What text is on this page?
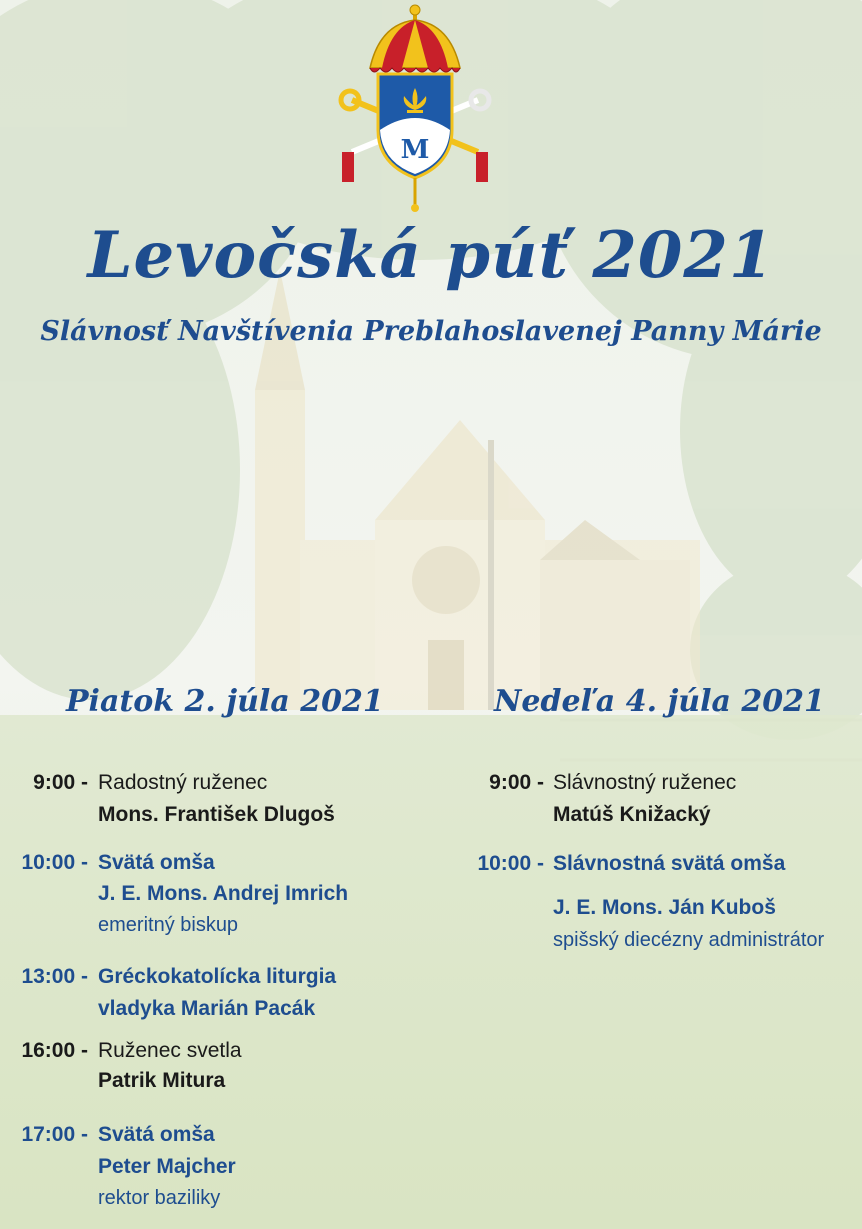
M
Levočská púť 2021
Slávnosť Navštívenia Preblahoslavenej Panny Márie
Piatok 2. júla 2021
9:00 - Radostný ruženec
Mons. František Dlugoš
10:00 - Svätá omša
J. E. Mons. Andrej Imrich
emeritný biskup
13:00 - Gréckokatolícka liturgia
vladyka Marián Pacák
16:00 - Ruženec svetla
Patrik Mitura
17:00 - Svätá omša
Peter Majcher
rektor baziliky
Nedeľa 4. júla 2021
9:00 - Slávnostný ruženec
Matúš Knižacký
10:00 - Slávnostná svätá omša
J. E. Mons. Ján Kuboš
spišský diecézny administrátor
